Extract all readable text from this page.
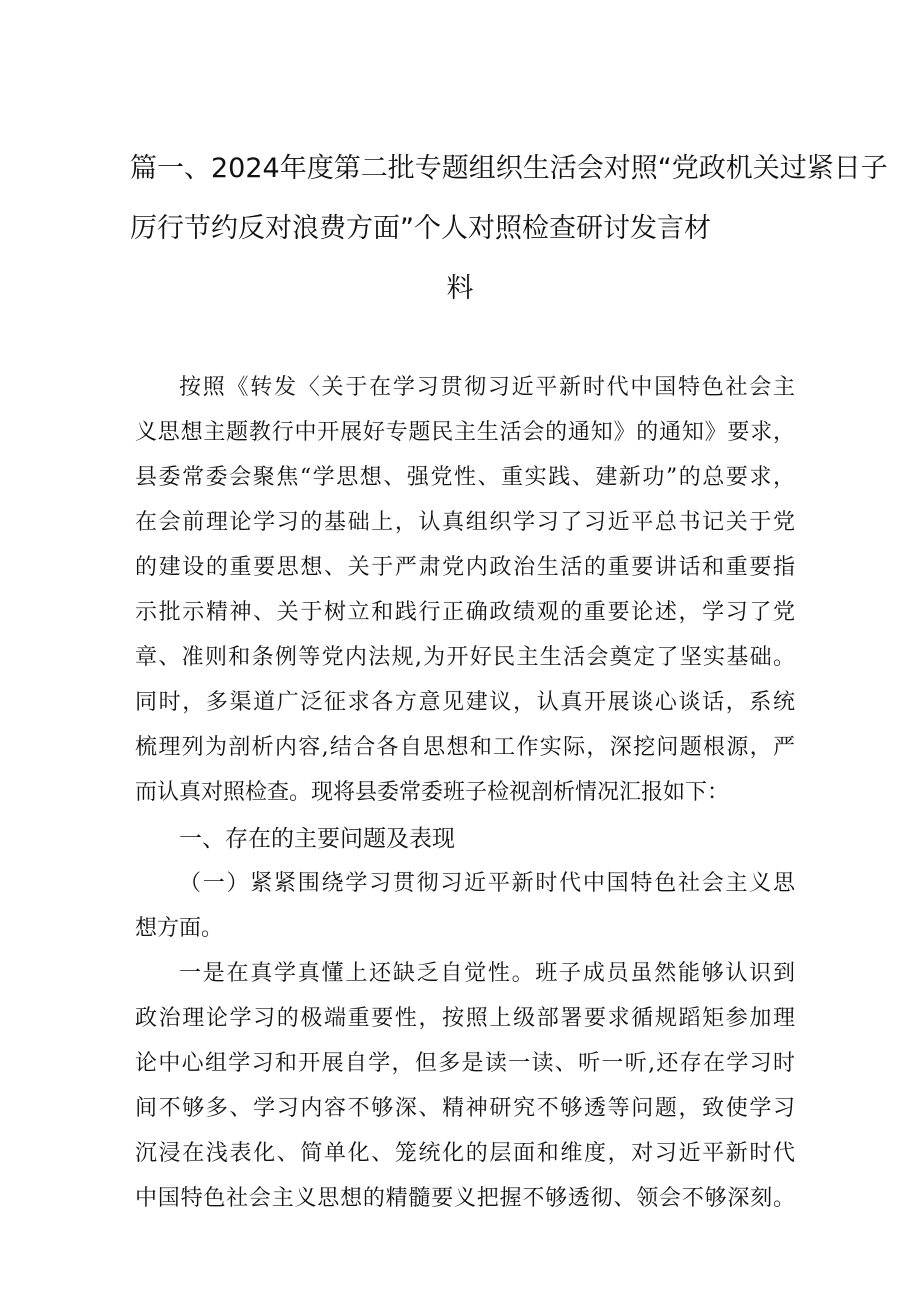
篇一、2024年度第二批专题组织生活会对照“党政机关过紧日子
厉行节约反对浪费方面”个人对照检查研讨发言材
料
按照《转发〈关于在学习贯彻习近平新时代中国特色社会主
义思想主题教行中开展好专题民主生活会的通知》的通知》要求，
县委常委会聚焦“学思想、强党性、重实践、建新功”的总要求，
在会前理论学习的基础上，认真组织学习了习近平总书记关于党
的建设的重要思想、关于严肃党内政治生活的重要讲话和重要指
示批示精神、关于树立和践行正确政绩观的重要论述，学习了党
章、准则和条例等党内法规,为开好民主生活会奠定了坚实基础。
同时，多渠道广泛征求各方意见建议，认真开展谈心谈话，系统
梳理列为剖析内容,结合各自思想和工作实际，深挖问题根源，严
而认真对照检查。现将县委常委班子检视剖析情况汇报如下：
一、存在的主要问题及表现
（一）紧紧围绕学习贯彻习近平新时代中国特色社会主义思
想方面。
一是在真学真懂上还缺乏自觉性。班子成员虽然能够认识到
政治理论学习的极端重要性，按照上级部署要求循规蹈矩参加理
论中心组学习和开展自学，但多是读一读、听一听,还存在学习时
间不够多、学习内容不够深、精神研究不够透等问题，致使学习
沉浸在浅表化、简单化、笼统化的层面和维度，对习近平新时代
中国特色社会主义思想的精髓要义把握不够透彻、领会不够深刻。
